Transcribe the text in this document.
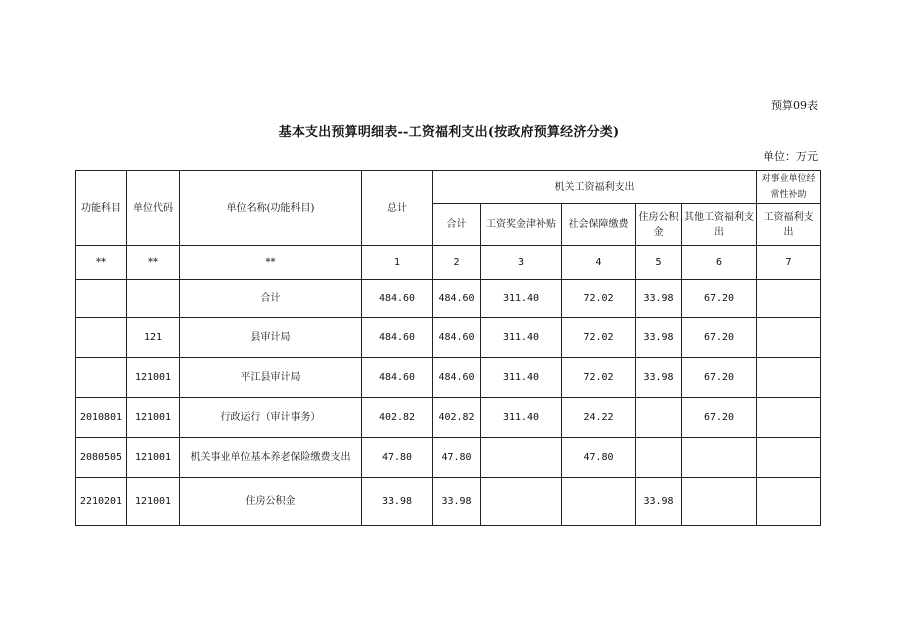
预算09表
基本支出预算明细表--工资福利支出(按政府预算经济分类)
单位：万元
功能科目	单位代码	单位名称(功能科目)	总计	机关工资福利支出					对事业单位经常性补助
				合计	工资奖金津补贴	社会保障缴费	住房公积金	其他工资福利支出	工资福利支出
**	**	**	1	2	3	4	5	6	7
		合计	484.60	484.60	311.40	72.02	33.98	67.20	
	121	县审计局	484.60	484.60	311.40	72.02	33.98	67.20	
	121001	平江县审计局	484.60	484.60	311.40	72.02	33.98	67.20	
2010801	121001	行政运行（审计事务）	402.82	402.82	311.40	24.22		67.20	
2080505	121001	机关事业单位基本养老保险缴费支出	47.80	47.80		47.80			
2210201	121001	住房公积金	33.98	33.98			33.98		
